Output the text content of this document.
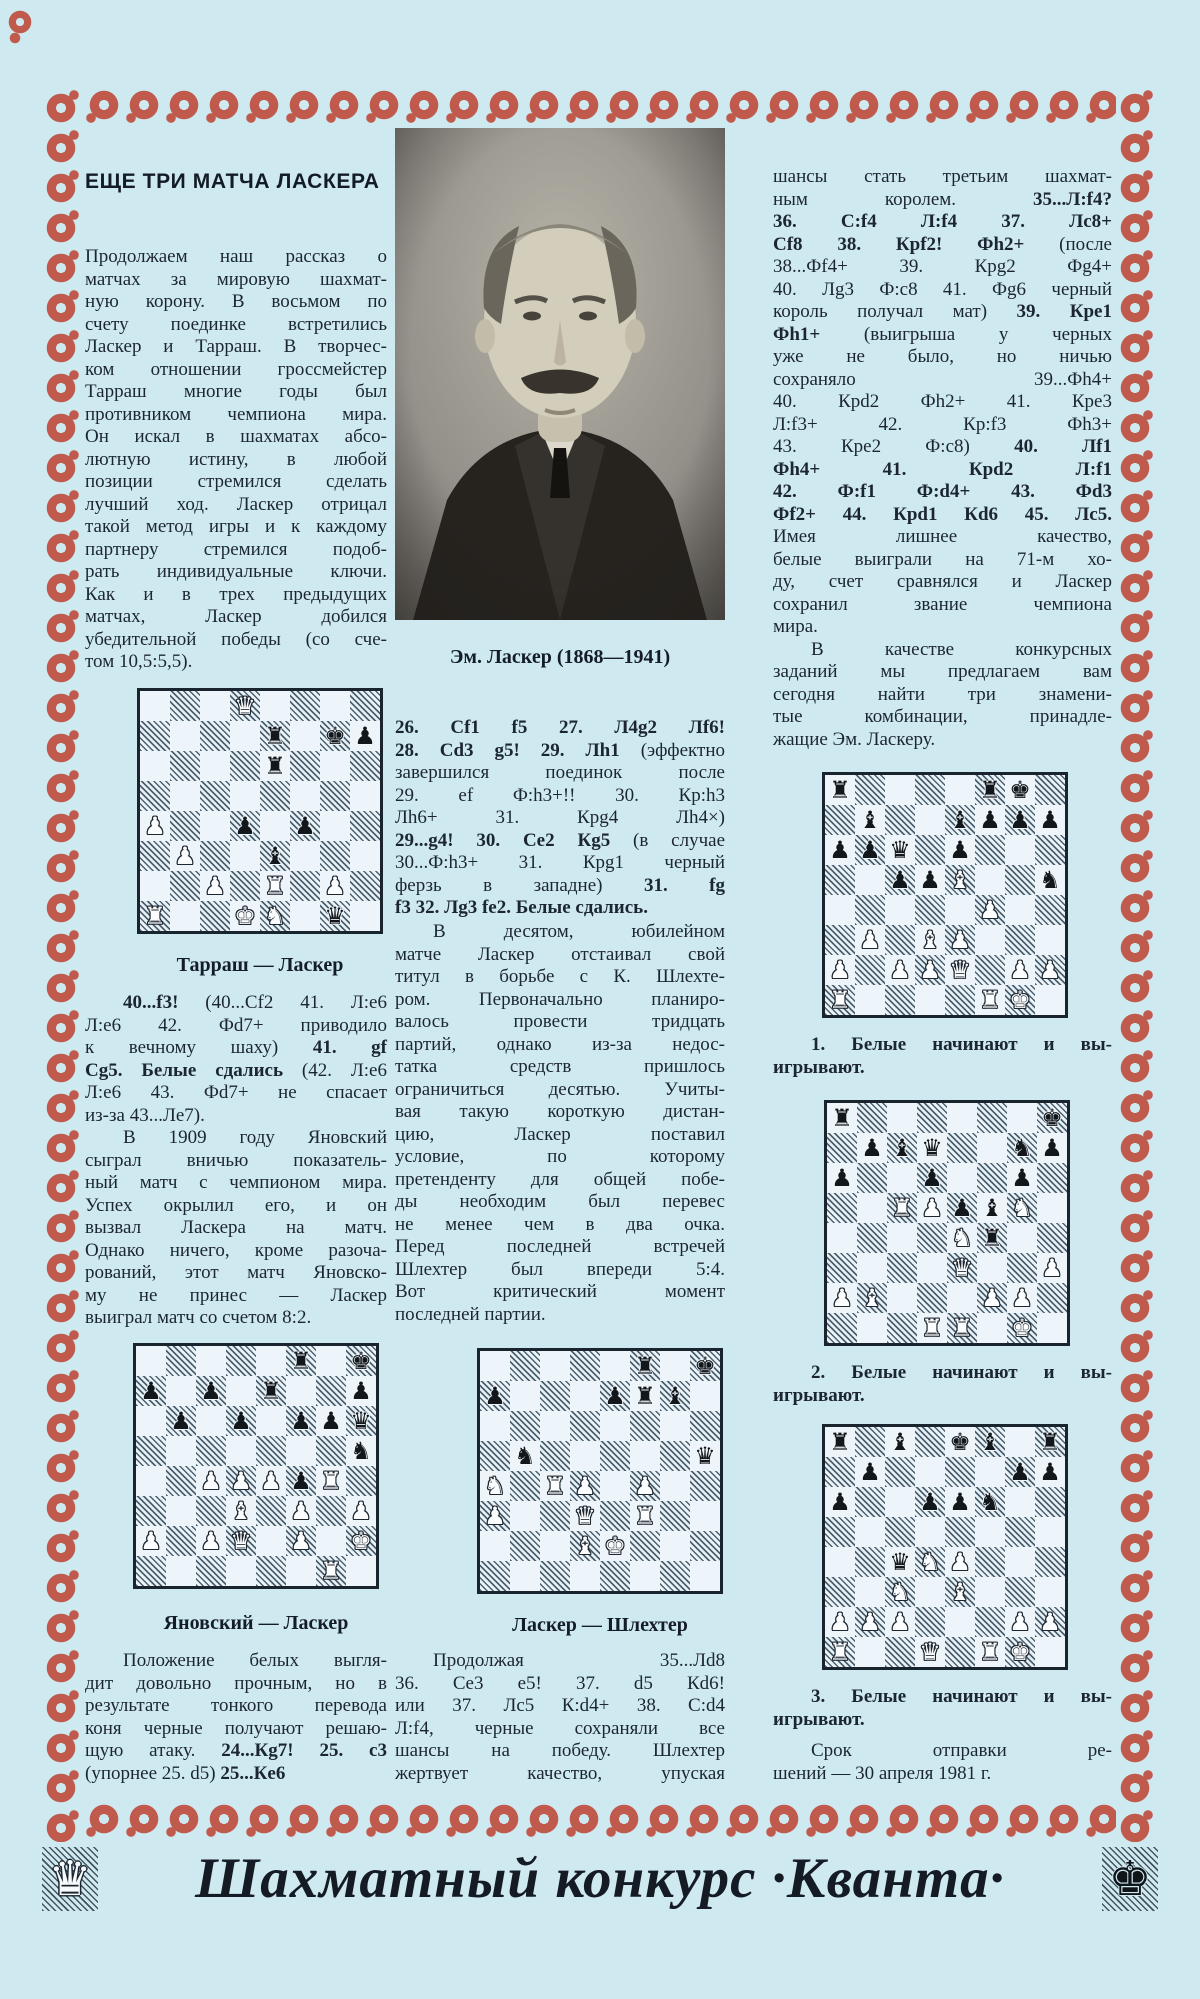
ЕЩЕ ТРИ МАТЧА ЛАСКЕРА
Продолжаем наш рассказ о
матчах за мировую шахмат-
ную корону. В восьмом по
счету поединке встретились
Ласкер и Тарраш. В творчес-
ком отношении гроссмейстер
Тарраш многие годы был
противником чемпиона мира.
Он искал в шахматах абсо-
лютную истину, в любой
позиции стремился сделать
лучший ход. Ласкер отрицал
такой метод игры и к каждому
партнеру стремился подоб-
рать индивидуальные ключи.
Как и в трех предыдущих
матчах, Ласкер добился
убедительной победы (со сче-
том 10,5:5,5).
♛
♜ ♚ ♟
♜
♟	♟ ♟
♟	♝
♟ ♜ ♟
♜	♚ ♞ ♛
Тарраш — Ласкер
40...f3! (40...Сf2 41. Л:e6
Л:e6 42. Фd7+ приводило
к вечному шаху) 41. gf
Сg5. Белые сдались (42. Л:e6
Л:e6 43. Фd7+ не спасает
из-за 43...Лe7).
В 1909 году Яновский
сыграл вничью показатель-
ный матч с чемпионом мира.
Успех окрылил его, и он
вызвал Ласкера на матч.
Однако ничего, кроме разоча-
рований, этот матч Яновско-
му не принес — Ласкер
выиграл матч со счетом 8:2.
♜ ♚
♟ ♟ ♜	♟
♟ ♟ ♟ ♟ ♛
♞
♟ ♟ ♟ ♟ ♜
♝ ♟ ♟
♟ ♟ ♛ ♟ ♚
♜
Яновский — Ласкер
Положение белых выгля-
дит довольно прочным, но в
результате тонкого перевода
коня черные получают решаю-
щую атаку. 24...Кg7! 25. c3
(упорнее 25. d5) 25...Кe6
Эм. Ласкер (1868—1941)
26. Сf1 f5 27. Л4g2 Лf6!
28. Сd3 g5! 29. Лh1 (эффектно
завершился поединок после
29. ef Ф:h3+!! 30. Кр:h3
Лh6+ 31. Крg4 Лh4×)
29...g4! 30. Сe2 Кg5 (в случае
30...Ф:h3+ 31. Крg1 черный
ферзь в западне) 31. fg
f3 32. Лg3 fe2. Белые сдались.
В десятом, юбилейном
матче Ласкер отстаивал свой
титул в борьбе с К. Шлехте-
ром. Первоначально планиро-
валось провести тридцать
партий, однако из-за недос-
татка средств пришлось
ограничиться десятью. Учиты-
вая такую короткую дистан-
цию, Ласкер поставил
условие, по которому
претенденту для общей побе-
ды необходим был перевес
не менее чем в два очка.
Перед последней встречей
Шлехтер был впереди 5:4.
Вот критический момент
последней партии.
♜ ♚
♟	♟ ♜ ♝
♞	♛
♞ ♜ ♟ ♟
♟	♛ ♜
♝ ♚
Ласкер — Шлехтер
Продолжая 35...Лd8
36. Сe3 e5! 37. d5 Кd6!
или 37. Лc5 К:d4+ 38. С:d4
Л:f4, черные сохраняли все
шансы на победу. Шлехтер
жертвует качество, упуская
шансы стать третьим шахмат-
ным королем. 35...Л:f4?
36. С:f4 Л:f4 37. Лc8+
Сf8 38. Крf2! Фh2+ (после
38...Фf4+ 39. Крg2 Фg4+
40. Лg3 Ф:c8 41. Фg6 черный
король получал мат) 39. Крe1
Фh1+ (выигрыша у черных
уже не было, но ничью
сохраняло 39...Фh4+
40. Крd2 Фh2+ 41. Крe3
Л:f3+ 42. Кр:f3 Фh3+
43. Крe2 Ф:c8) 40. Лf1
Фh4+ 41. Крd2 Л:f1
42. Ф:f1 Ф:d4+ 43. Фd3
Фf2+ 44. Крd1 Кd6 45. Лc5.
Имея лишнее качество,
белые выиграли на 71-м хо-
ду, счет сравнялся и Ласкер
сохранил звание чемпиона
мира.
В качестве конкурсных
заданий мы предлагаем вам
сегодня найти три знамени-
тые комбинации, принадле-
жащие Эм. Ласкеру.
♜	♜ ♚
♝	♝ ♟ ♟ ♟
♟ ♟ ♛ ♟
♟ ♟ ♝	♞
♟
♟ ♝ ♟
♟ ♟ ♟ ♛ ♟ ♟
♜	♜ ♚
1. Белые начинают и вы-
игрывают.
♜	♚
♟ ♝ ♛	♞ ♟
♟	♟	♟
♜ ♟ ♟ ♝ ♞
♞ ♜
♛	♟
♟ ♝	♟ ♟
♜ ♜ ♚
2. Белые начинают и вы-
игрывают.
♜ ♝ ♚ ♝ ♜
♟	♟ ♟
♟	♟ ♟ ♞
♛ ♞ ♟
♞ ♝
♟ ♟ ♟	♟ ♟
♜	♛ ♜ ♚
3. Белые начинают и вы-
игрывают.
Срок отправки ре-
шений — 30 апреля 1981 г.
♛	Шахматный конкурс ·Кванта·	♚
